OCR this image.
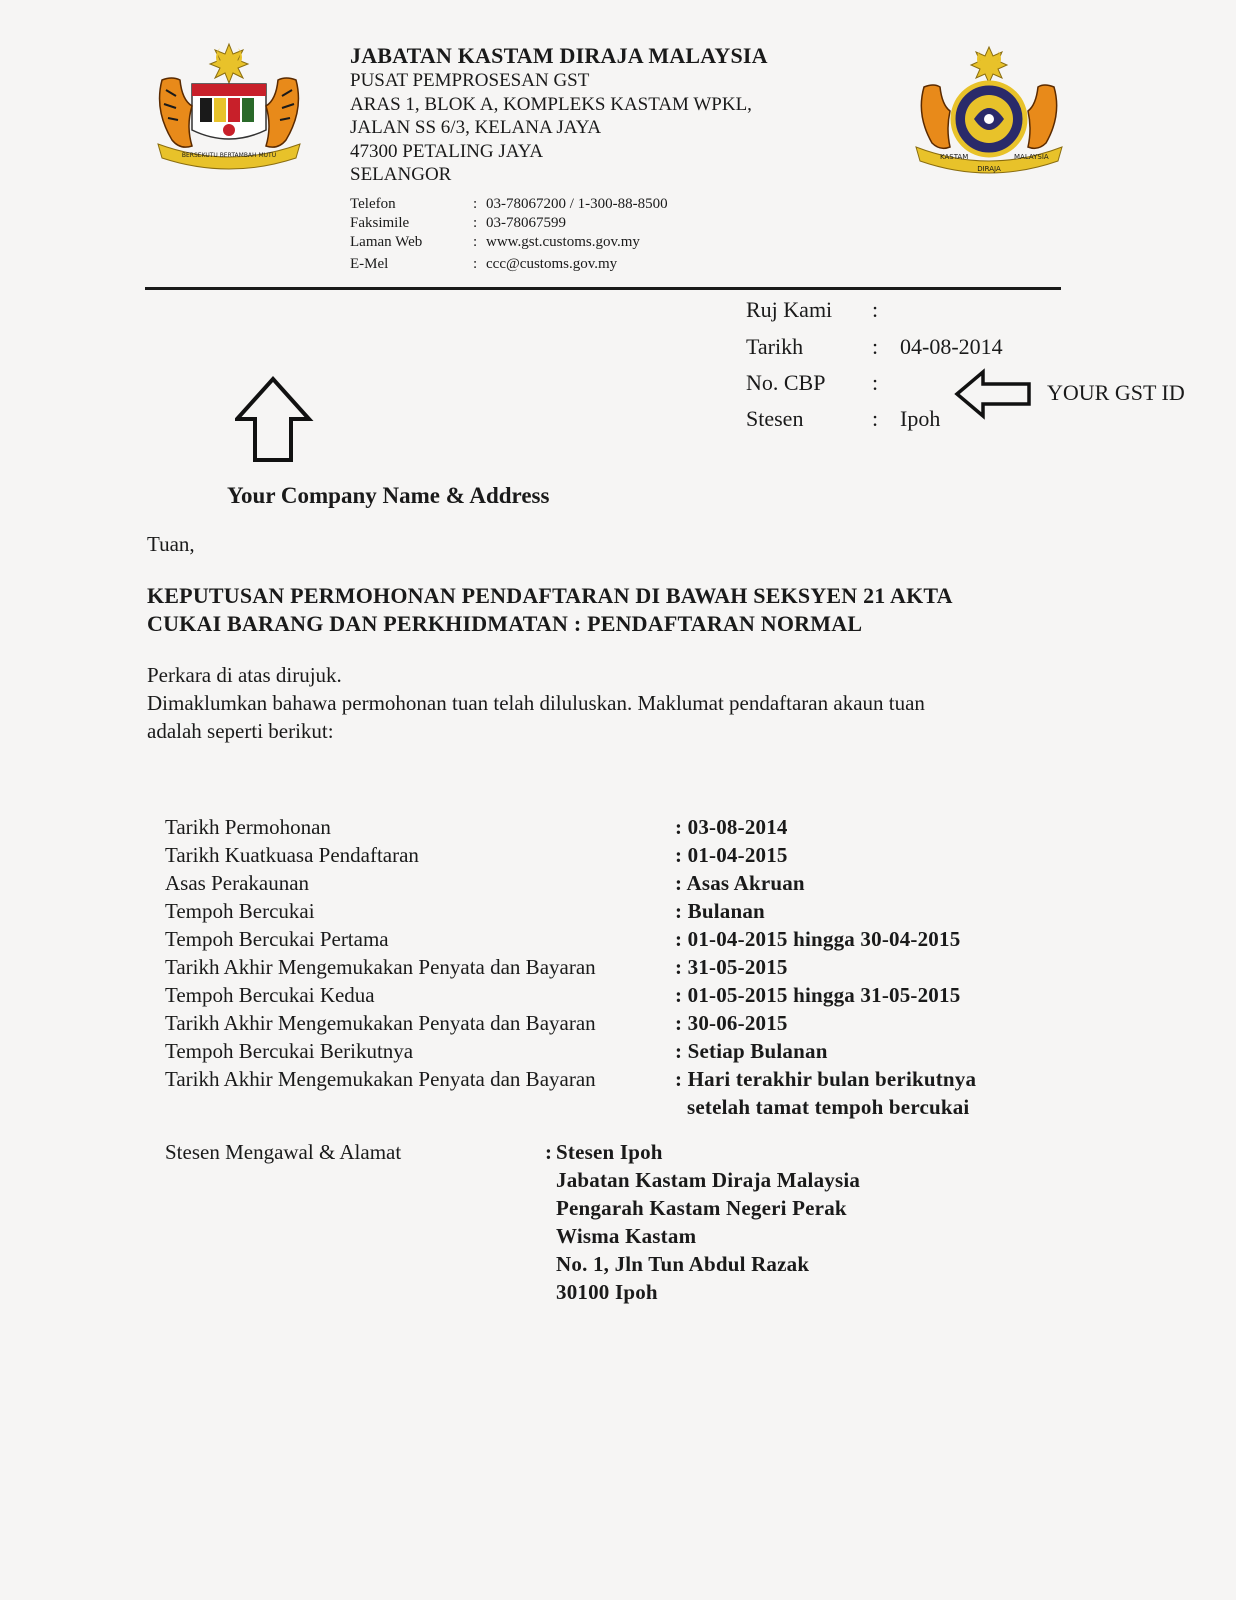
BERSEKUTU BERTAMBAH MUTU	KASTAM	MALAYSIA
DIRAJA
JABATAN KASTAM DIRAJA MALAYSIA
PUSAT PEMPROSESAN GST
ARAS 1, BLOK A, KOMPLEKS KASTAM WPKL,
JALAN SS 6/3, KELANA JAYA
47300 PETALING JAYA
SELANGOR
Telefon	: 03-78067200 / 1-300-88-8500
Faksimile	: 03-78067599
Laman Web	: www.gst.customs.gov.my
E-Mel	: ccc@customs.gov.my
Ruj Kami :
Tarikh	: 04-08-2014
No. CBP :
Stesen	: Ipoh
YOUR GST ID
Your Company Name & Address
Tuan,
KEPUTUSAN PERMOHONAN PENDAFTARAN DI BAWAH SEKSYEN 21 AKTA
CUKAI BARANG DAN PERKHIDMATAN : PENDAFTARAN NORMAL
Perkara di atas dirujuk.
Dimaklumkan bahawa permohonan tuan telah diluluskan. Maklumat pendaftaran akaun tuan
adalah seperti berikut:
Tarikh Permohonan	: 03-08-2014
Tarikh Kuatkuasa Pendaftaran	: 01-04-2015
Asas Perakaunan	: Asas Akruan
Tempoh Bercukai	: Bulanan
Tempoh Bercukai Pertama	: 01-04-2015 hingga 30-04-2015
Tarikh Akhir Mengemukakan Penyata dan Bayaran	: 31-05-2015
Tempoh Bercukai Kedua	: 01-05-2015 hingga 31-05-2015
Tarikh Akhir Mengemukakan Penyata dan Bayaran	: 30-06-2015
Tempoh Bercukai Berikutnya	: Setiap Bulanan
Tarikh Akhir Mengemukakan Penyata dan Bayaran	: Hari terakhir bulan berikutnya
setelah tamat tempoh bercukai
Stesen Mengawal & Alamat	: Stesen Ipoh
Jabatan Kastam Diraja Malaysia
Pengarah Kastam Negeri Perak
Wisma Kastam
No. 1, Jln Tun Abdul Razak
30100 Ipoh
